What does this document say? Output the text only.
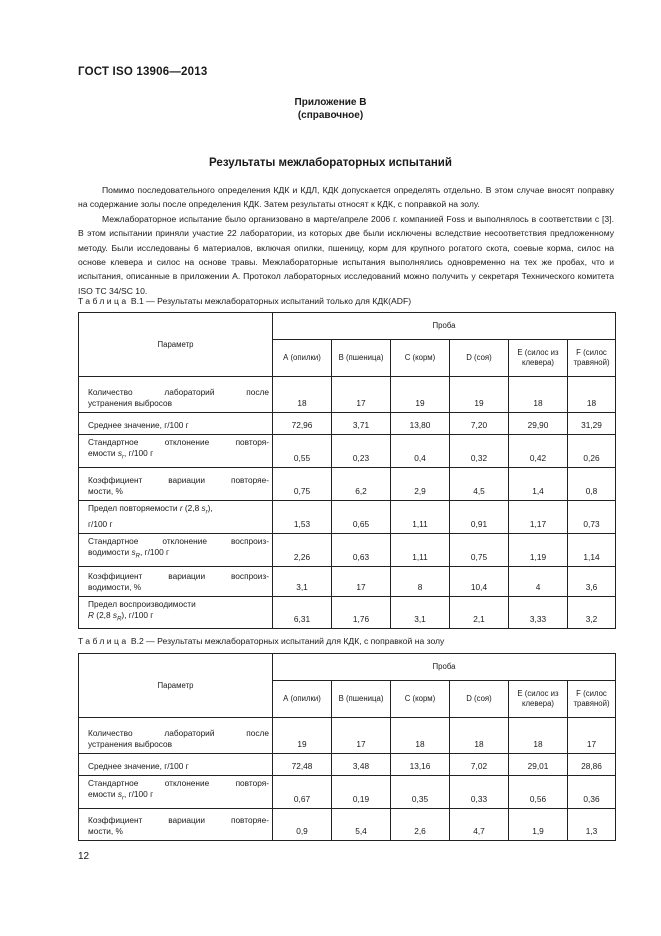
ГОСТ ISO 13906—2013
Приложение В
(справочное)
Результаты межлабораторных испытаний

Помимо последовательного определения КДК и КДЛ, КДК допускается определять отдельно. В этом случае вносят поправку на содержание золы после определения КДК. Затем результаты относят к КДК, с поправкой на золу.

Межлабораторное испытание было организовано в марте/апреле 2006 г. компанией Foss и выполнялось в соответствии с [3]. В этом испытании приняли участие 22 лаборатории, из которых две были исключены вследствие несоответствия предложенному методу. Были исследованы 6 материалов, включая опилки, пшеницу, корм для крупного рогатого скота, соевые корма, силос на основе клевера и силос на основе травы. Межлабораторные испытания выполнялись одновременно на тех же пробах, что и испытания, описанные в приложении А. Протокол лабораторных исследований можно получить у секретаря Технического комитета ISO ТС 34/SC 10.

Таблица В.1 — Результаты межлабораторных испытаний только для КДК(ADF)
Параметр	Проба					
	А (опилки)	В (пшеница)	С (корм)	D (соя)	Е (силос из клевера)	F (силос травяной)

Количество лабораторий после
устранения выбросов	18	17	19	19	18	18

Среднее значение, г/100 г	72,96	3,71	13,80	7,20	29,90	31,29

Стандартное отклонение повторя-
емости $s_r$, г/100 г	0,55	0,23	0,4	0,32	0,42	0,26

Коэффициент вариации повторяе-
мости, %	0,75	6,2	2,9	4,5	1,4	0,8

Предел повторяемости r (2,8 $s_r$),
г/100 г	1,53	0,65	1,11	0,91	1,17	0,73

Стандартное отклонение воспроиз-
водимости $s_R$, г/100 г	2,26	0,63	1,11	0,75	1,19	1,14

Коэффициент вариации воспроиз-
водимости, %	3,1	17	8	10,4	4	3,6

Предел воспроизводимости
R (2,8 $s_R$), г/100 г	6,31	1,76	3,1	2,1	3,33	3,2
Таблица В.2 — Результаты межлабораторных испытаний для КДК, с поправкой на золу
Параметр	Проба					
	А (опилки)	В (пшеница)	С (корм)	D (соя)	Е (силос из клевера)	F (силос травяной)

Количество лабораторий после
устранения выбросов	19	17	18	18	18	17

Среднее значение, г/100 г	72,48	3,48	13,16	7,02	29,01	28,86

Стандартное отклонение повторя-
емости $s_r$, г/100 г	0,67	0,19	0,35	0,33	0,56	0,36

Коэффициент вариации повторяе-
мости, %	0,9	5,4	2,6	4,7	1,9	1,3
12
